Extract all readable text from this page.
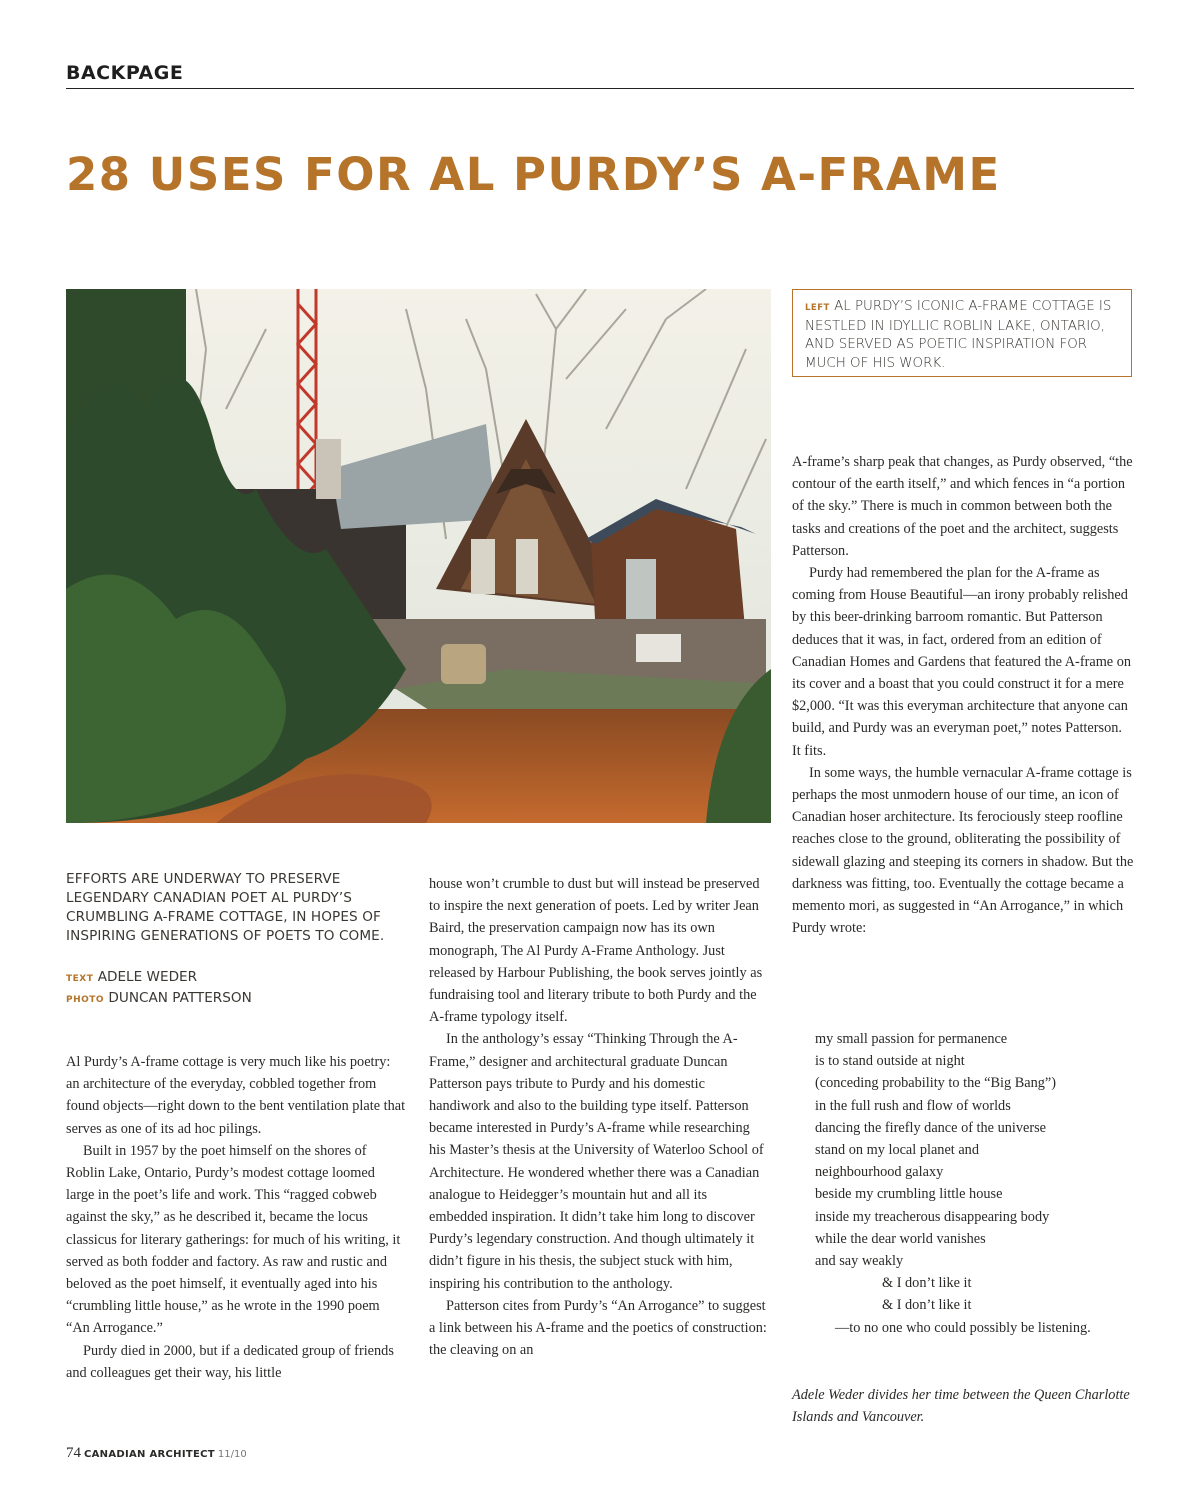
BACKPAGE
28 USES FOR AL PURDY’S A-FRAME
LEFT AL PURDY’S ICONIC A-FRAME COTTAGE IS NESTLED IN IDYLLIC ROBLIN LAKE, ONTARIO, AND SERVED AS POETIC INSPIRATION FOR MUCH OF HIS WORK.
EFFORTS ARE UNDERWAY TO PRESERVE LEGENDARY CANADIAN POET AL PURDY’S CRUMBLING A-FRAME COTTAGE, IN HOPES OF INSPIRING GENERATIONS OF POETS TO COME.
TEXT ADELE WEDER
PHOTO DUNCAN PATTERSON

Al Purdy’s A-frame cottage is very much like his poetry: an architecture of the everyday, cobbled together from found objects—right down to the bent ventilation plate that serves as one of its ad hoc pilings.

Built in 1957 by the poet himself on the shores of Roblin Lake, Ontario, Purdy’s modest cottage loomed large in the poet’s life and work. This “ragged cobweb against the sky,” as he described it, became the locus classicus for literary gatherings: for much of his writing, it served as both fodder and factory. As raw and rustic and beloved as the poet himself, it eventually aged into his “crumbling little house,” as he wrote in the 1990 poem “An Arrogance.”

Purdy died in 2000, but if a dedicated group of friends and colleagues get their way, his little

house won’t crumble to dust but will instead be preserved to inspire the next generation of poets. Led by writer Jean Baird, the preservation campaign now has its own monograph, The Al Purdy A-Frame Anthology. Just released by Harbour Publishing, the book serves jointly as fundraising tool and literary tribute to both Purdy and the A-frame typology itself.

In the anthology’s essay “Thinking Through the A-Frame,” designer and architectural graduate Duncan Patterson pays tribute to Purdy and his domestic handiwork and also to the building type itself. Patterson became interested in Purdy’s A-frame while researching his Master’s thesis at the University of Waterloo School of Architecture. He wondered whether there was a Canadian analogue to Heidegger’s mountain hut and all its embedded inspiration. It didn’t take him long to discover Purdy’s legendary construction. And though ultimately it didn’t figure in his thesis, the subject stuck with him, inspiring his contribution to the anthology.

Patterson cites from Purdy’s “An Arrogance” to suggest a link between his A-frame and the poetics of construction: the cleaving on an

A-frame’s sharp peak that changes, as Purdy observed, “the contour of the earth itself,” and which fences in “a portion of the sky.” There is much in common between both the tasks and creations of the poet and the architect, suggests Patterson.

Purdy had remembered the plan for the A-frame as coming from House Beautiful—an irony probably relished by this beer-drinking barroom romantic. But Patterson deduces that it was, in fact, ordered from an edition of Canadian Homes and Gardens that featured the A-frame on its cover and a boast that you could construct it for a mere $2,000. “It was this everyman architecture that anyone can build, and Purdy was an everyman poet,” notes Patterson. It fits.

In some ways, the humble vernacular A-frame cottage is perhaps the most unmodern house of our time, an icon of Canadian hoser architecture. Its ferociously steep roofline reaches close to the ground, obliterating the possibility of sidewall glazing and steeping its corners in shadow. But the darkness was fitting, too. Eventually the cottage became a memento mori, as suggested in “An Arrogance,” in which Purdy wrote:

my small passion for permanence
is to stand outside at night
(conceding probability to the “Big Bang”)
in the full rush and flow of worlds
dancing the firefly dance of the universe
stand on my local planet and
neighbourhood galaxy
beside my crumbling little house
inside my treacherous disappearing body
while the dear world vanishes
and say weakly
& I don’t like it
& I don’t like it
—to no one who could possibly be listening.
Adele Weder divides her time between the Queen Charlotte Islands and Vancouver.
74 CANADIAN ARCHITECT 11/10
